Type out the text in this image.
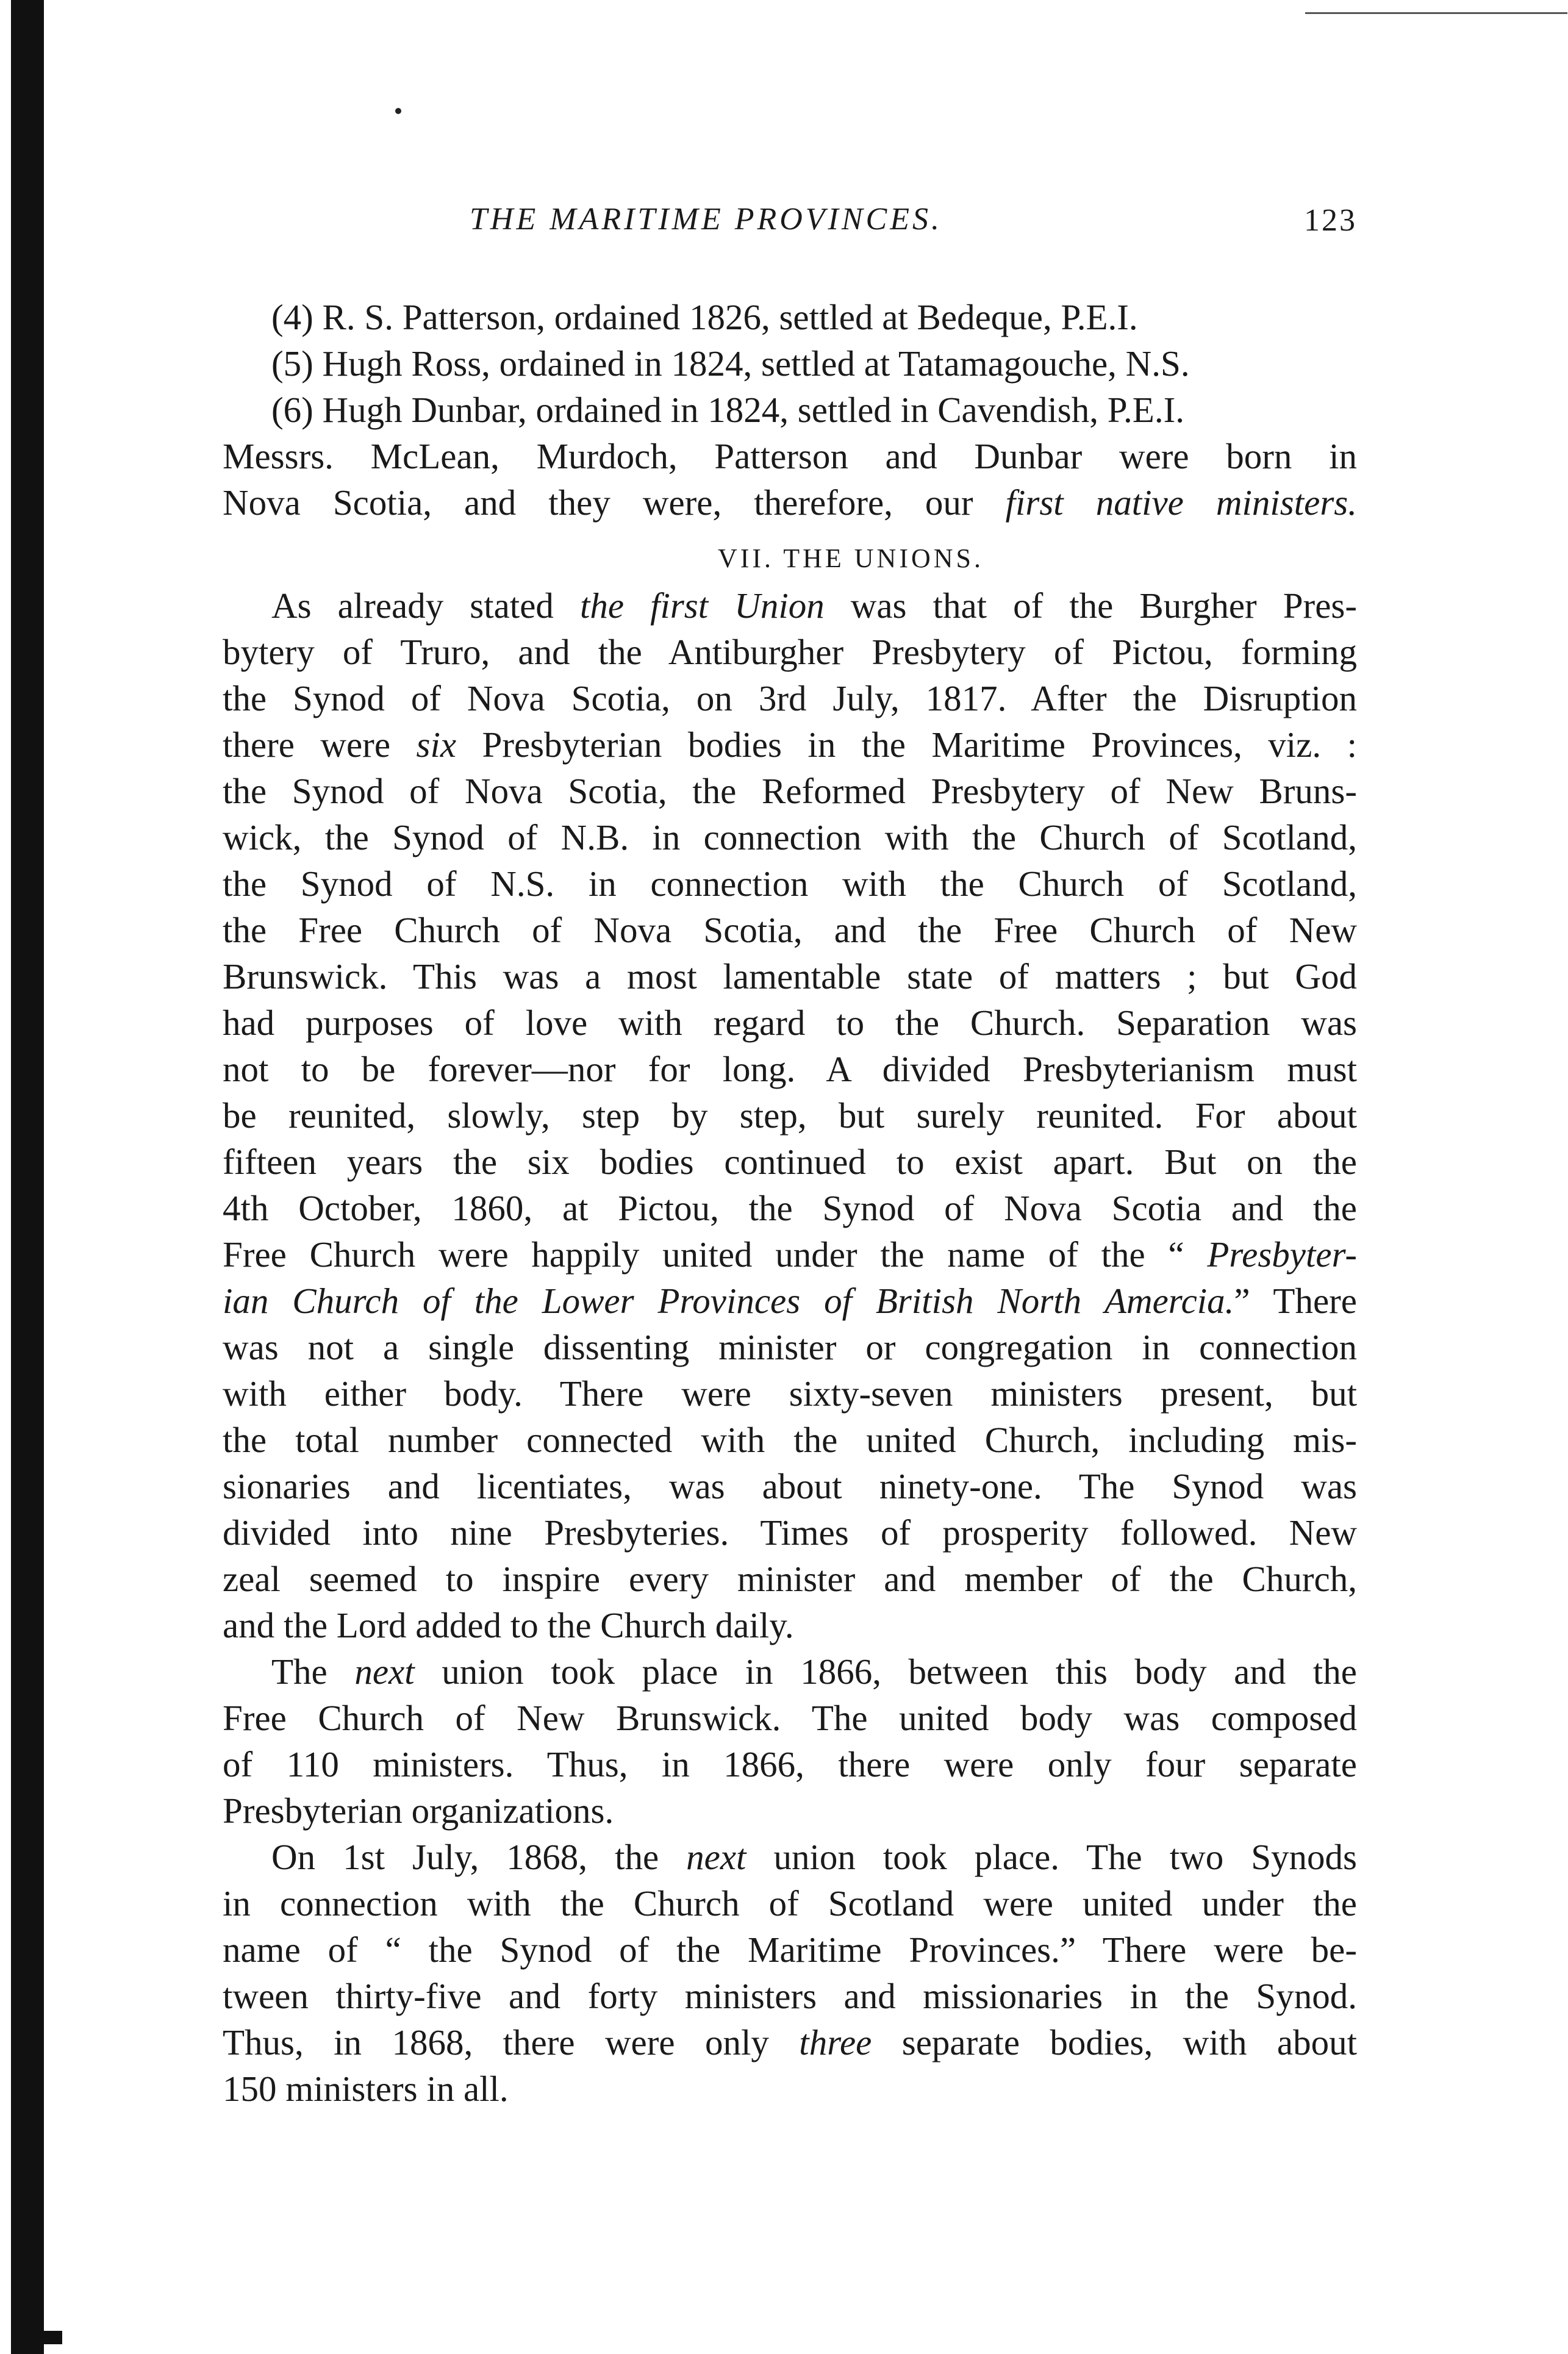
THE MARITIME PROVINCES.	123
(4) R. S. Patterson, ordained 1826, settled at Bedeque, P.E.I.
(5) Hugh Ross, ordained in 1824, settled at Tatamagouche, N.S.
(6) Hugh Dunbar, ordained in 1824, settled in Cavendish, P.E.I.
Messrs. McLean, Murdoch, Patterson and Dunbar were born in
Nova Scotia, and they were, therefore, our first native ministers.
VII. THE UNIONS.
As already stated the first Union was that of the Burgher Pres-
bytery of Truro, and the Antiburgher Presbytery of Pictou, forming
the Synod of Nova Scotia, on 3rd July, 1817. After the Disruption
there were six Presbyterian bodies in the Maritime Provinces, viz. :
the Synod of Nova Scotia, the Reformed Presbytery of New Bruns-
wick, the Synod of N.B. in connection with the Church of Scotland,
the Synod of N.S. in connection with the Church of Scotland,
the Free Church of Nova Scotia, and the Free Church of New
Brunswick. This was a most lamentable state of matters ; but God
had purposes of love with regard to the Church. Separation was
not to be forever—nor for long. A divided Presbyterianism must
be reunited, slowly, step by step, but surely reunited. For about
fifteen years the six bodies continued to exist apart. But on the
4th October, 1860, at Pictou, the Synod of Nova Scotia and the
Free Church were happily united under the name of the “ Presbyter-
ian Church of the Lower Provinces of British North Amercia.” There
was not a single dissenting minister or congregation in connection
with either body. There were sixty-seven ministers present, but
the total number connected with the united Church, including mis-
sionaries and licentiates, was about ninety-one. The Synod was
divided into nine Presbyteries. Times of prosperity followed. New
zeal seemed to inspire every minister and member of the Church,
and the Lord added to the Church daily.
The next union took place in 1866, between this body and the
Free Church of New Brunswick. The united body was composed
of 110 ministers. Thus, in 1866, there were only four separate
Presbyterian organizations.
On 1st July, 1868, the next union took place. The two Synods
in connection with the Church of Scotland were united under the
name of “ the Synod of the Maritime Provinces.” There were be-
tween thirty-five and forty ministers and missionaries in the Synod.
Thus, in 1868, there were only three separate bodies, with about
150 ministers in all.
